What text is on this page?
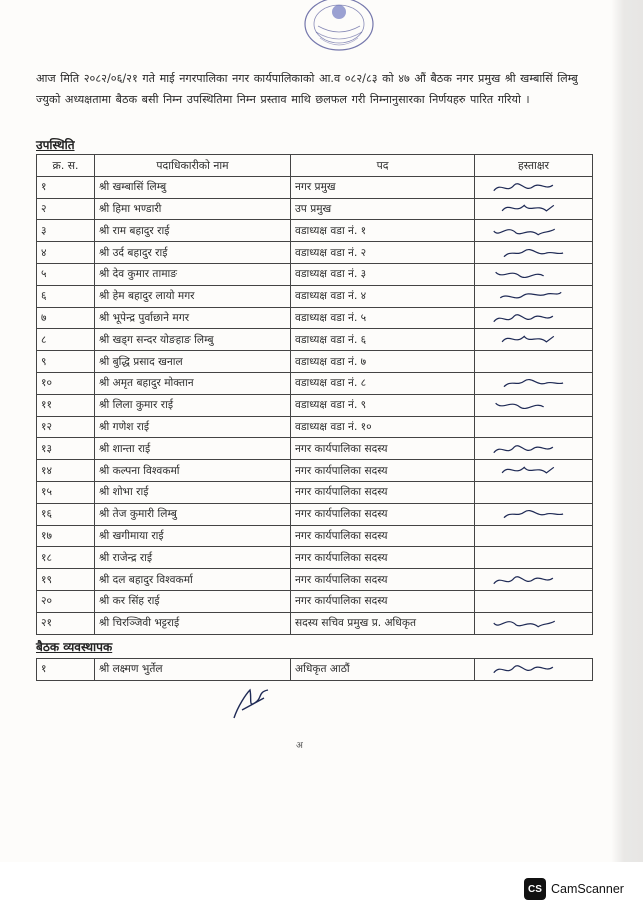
आज मिति २०८२/०६/२१ गते माई नगरपालिका नगर कार्यपालिकाको आ.व ०८२/८३ को ४७ औं बैठक नगर प्रमुख श्री खम्बासिं लिम्बु ज्युको अध्यक्षतामा बैठक बसी निम्न उपस्थितिमा निम्न प्रस्ताव माथि छलफल गरी निम्नानुसारका निर्णयहरु पारित गरियो ।
उपस्थिति
क्र. स.	पदाधिकारीको नाम	पद	हस्ताक्षर
१	श्री खम्बासिं लिम्बु	नगर प्रमुख	

२	श्री हिमा भण्डारी	उप प्रमुख	

३	श्री राम बहादुर राई	वडाध्यक्ष वडा नं. १	

४	श्री उर्द बहादुर राई	वडाध्यक्ष वडा नं. २	

५	श्री देव कुमार तामाङ	वडाध्यक्ष वडा नं. ३	

६	श्री हेम बहादुर लायो मगर	वडाध्यक्ष वडा नं. ४	

७	श्री भूपेन्द्र पुर्वाछाने मगर	वडाध्यक्ष वडा नं. ५	

८	श्री खड्ग सन्दर योङहाङ लिम्बु	वडाध्यक्ष वडा नं. ६	

९	श्री बुद्धि प्रसाद खनाल	वडाध्यक्ष वडा नं. ७	
१०	श्री अमृत बहादुर मोक्तान	वडाध्यक्ष वडा नं. ८	

११	श्री लिला कुमार राई	वडाध्यक्ष वडा नं. ९	

१२	श्री गणेश राई	वडाध्यक्ष वडा नं. १०	
१३	श्री शान्ता राई	नगर कार्यपालिका सदस्य	

१४	श्री कल्पना विश्वकर्मा	नगर कार्यपालिका सदस्य	

१५	श्री शोभा राई	नगर कार्यपालिका सदस्य	
१६	श्री तेज कुमारी लिम्बु	नगर कार्यपालिका सदस्य	

१७	श्री खगीमाया राई	नगर कार्यपालिका सदस्य	
१८	श्री राजेन्द्र राई	नगर कार्यपालिका सदस्य	
१९	श्री दल बहादुर विश्वकर्मा	नगर कार्यपालिका सदस्य	

२०	श्री कर सिंह राई	नगर कार्यपालिका सदस्य	
२१	श्री चिरञ्जिवी भट्टराई	सदस्य सचिव प्रमुख प्र. अधिकृत	
बैठक व्यवस्थापक
१	श्री लक्ष्मण भुर्तेल	अधिकृत आठौं	
अ
CS CamScanner
